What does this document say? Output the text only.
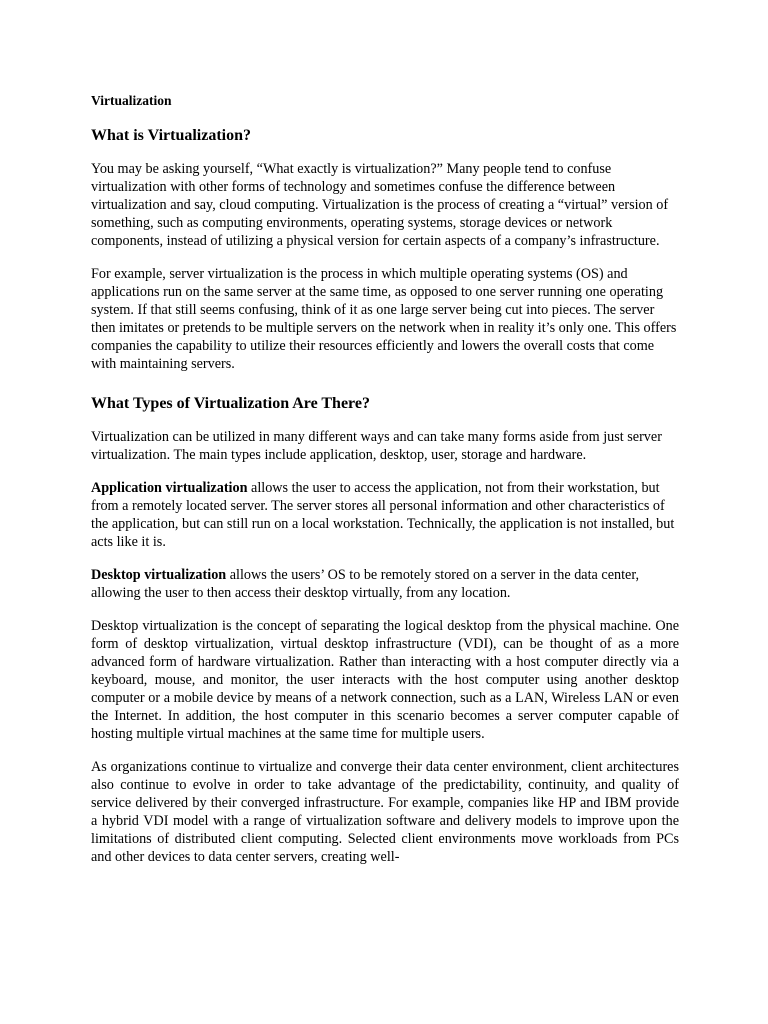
Virtualization
What is Virtualization?

You may be asking yourself, “What exactly is virtualization?” Many people tend to confuse virtualization with other forms of technology and sometimes confuse the difference between virtualization and say, cloud computing. Virtualization is the process of creating a “virtual” version of something, such as computing environments, operating systems, storage devices or network components, instead of utilizing a physical version for certain aspects of a company’s infrastructure.

For example, server virtualization is the process in which multiple operating systems (OS) and applications run on the same server at the same time, as opposed to one server running one operating system. If that still seems confusing, think of it as one large server being cut into pieces. The server then imitates or pretends to be multiple servers on the network when in reality it’s only one. This offers companies the capability to utilize their resources efficiently and lowers the overall costs that come with maintaining servers.

What Types of Virtualization Are There?

Virtualization can be utilized in many different ways and can take many forms aside from just server virtualization. The main types include application, desktop, user, storage and hardware.

Application virtualization allows the user to access the application, not from their workstation, but from a remotely located server. The server stores all personal information and other characteristics of the application, but can still run on a local workstation. Technically, the application is not installed, but acts like it is.

Desktop virtualization allows the users’ OS to be remotely stored on a server in the data center, allowing the user to then access their desktop virtually, from any location.

Desktop virtualization is the concept of separating the logical desktop from the physical machine. One form of desktop virtualization, virtual desktop infrastructure (VDI), can be thought of as a more advanced form of hardware virtualization. Rather than interacting with a host computer directly via a keyboard, mouse, and monitor, the user interacts with the host computer using another desktop computer or a mobile device by means of a network connection, such as a LAN, Wireless LAN or even the Internet. In addition, the host computer in this scenario becomes a server computer capable of hosting multiple virtual machines at the same time for multiple users.

As organizations continue to virtualize and converge their data center environment, client architectures also continue to evolve in order to take advantage of the predictability, continuity, and quality of service delivered by their converged infrastructure. For example, companies like HP and IBM provide a hybrid VDI model with a range of virtualization software and delivery models to improve upon the limitations of distributed client computing. Selected client environments move workloads from PCs and other devices to data center servers, creating well-
